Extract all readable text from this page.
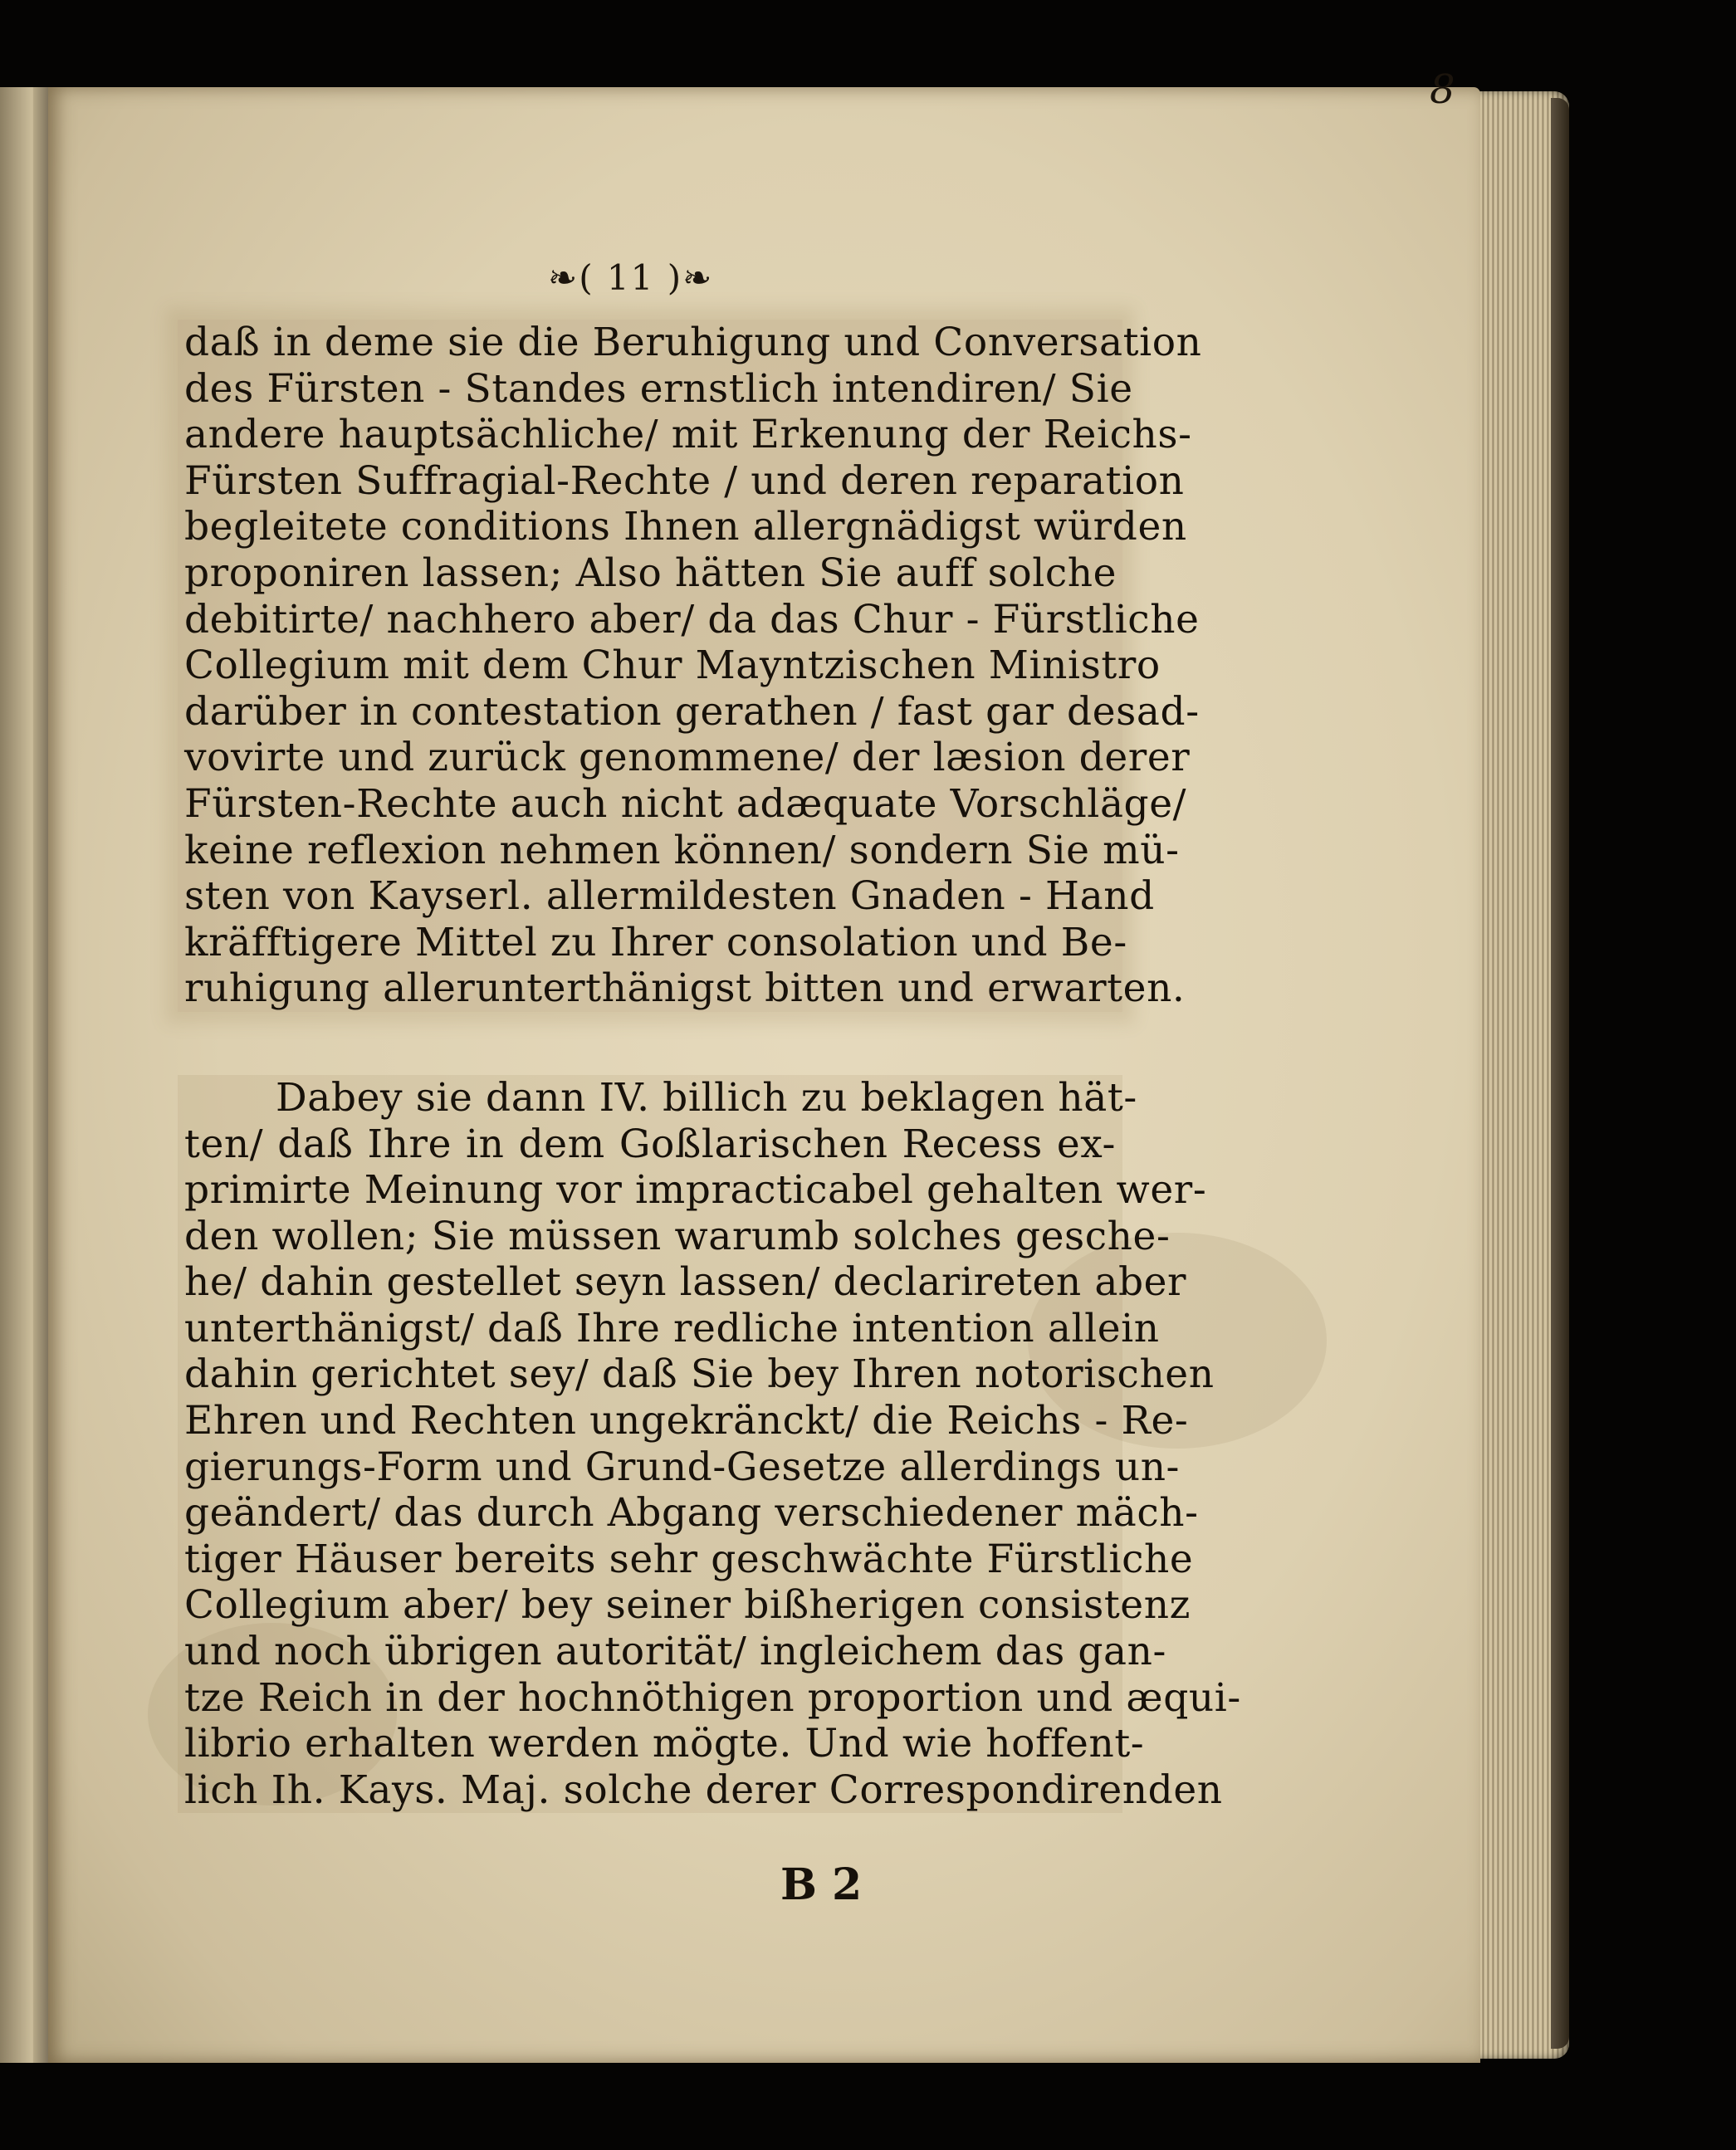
8
❧( 11 )❧
daß in deme sie die Beruhigung und Conversation
des Fürsten - Standes ernstlich intendiren/ Sie
andere hauptsächliche/ mit Erkenung der Reichs-
Fürsten Suffragial-Rechte / und deren reparation
begleitete conditions Ihnen allergnädigst würden
proponiren lassen; Also hätten Sie auff solche
debitirte/ nachhero aber/ da das Chur - Fürstliche
Collegium mit dem Chur Mayntzischen Ministro
darüber in contestation gerathen / fast gar desad-
vovirte und zurück genommene/ der læsion derer
Fürsten-Rechte auch nicht adæquate Vorschläge/
keine reflexion nehmen können/ sondern Sie mü-
sten von Kayserl. allermildesten Gnaden - Hand
kräfftigere Mittel zu Ihrer consolation und Be-
ruhigung allerunterthänigst bitten und erwarten.
Dabey sie dann IV. billich zu beklagen hät-
ten/ daß Ihre in dem Goßlarischen Recess ex-
primirte Meinung vor impracticabel gehalten wer-
den wollen; Sie müssen warumb solches gesche-
he/ dahin gestellet seyn lassen/ declarireten aber
unterthänigst/ daß Ihre redliche intention allein
dahin gerichtet sey/ daß Sie bey Ihren notorischen
Ehren und Rechten ungekränckt/ die Reichs - Re-
gierungs-Form und Grund-Gesetze allerdings un-
geändert/ das durch Abgang verschiedener mäch-
tiger Häuser bereits sehr geschwächte Fürstliche
Collegium aber/ bey seiner bißherigen consistenz
und noch übrigen autorität/ ingleichem das gan-
tze Reich in der hochnöthigen proportion und æqui-
librio erhalten werden mögte. Und wie hoffent-
lich Ih. Kays. Maj. solche derer Correspondirenden
B 2
